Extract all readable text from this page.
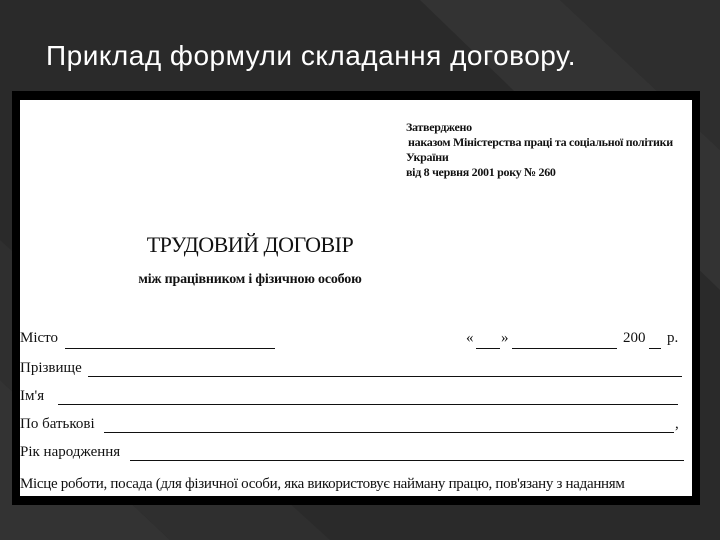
Приклад формули складання договору.
Затверджено
наказом Міністерства праці та соціальної політики
України
від 8 червня 2001 року № 260
ТРУДОВИЙ ДОГОВІР
між працівником і фізичною особою
Місто	« »	200 р.
Прізвище
Ім'я
По батькові	,
Рік народження
Місце роботи, посада (для фізичної особи, яка використовує найману працю, пов'язану з наданням
